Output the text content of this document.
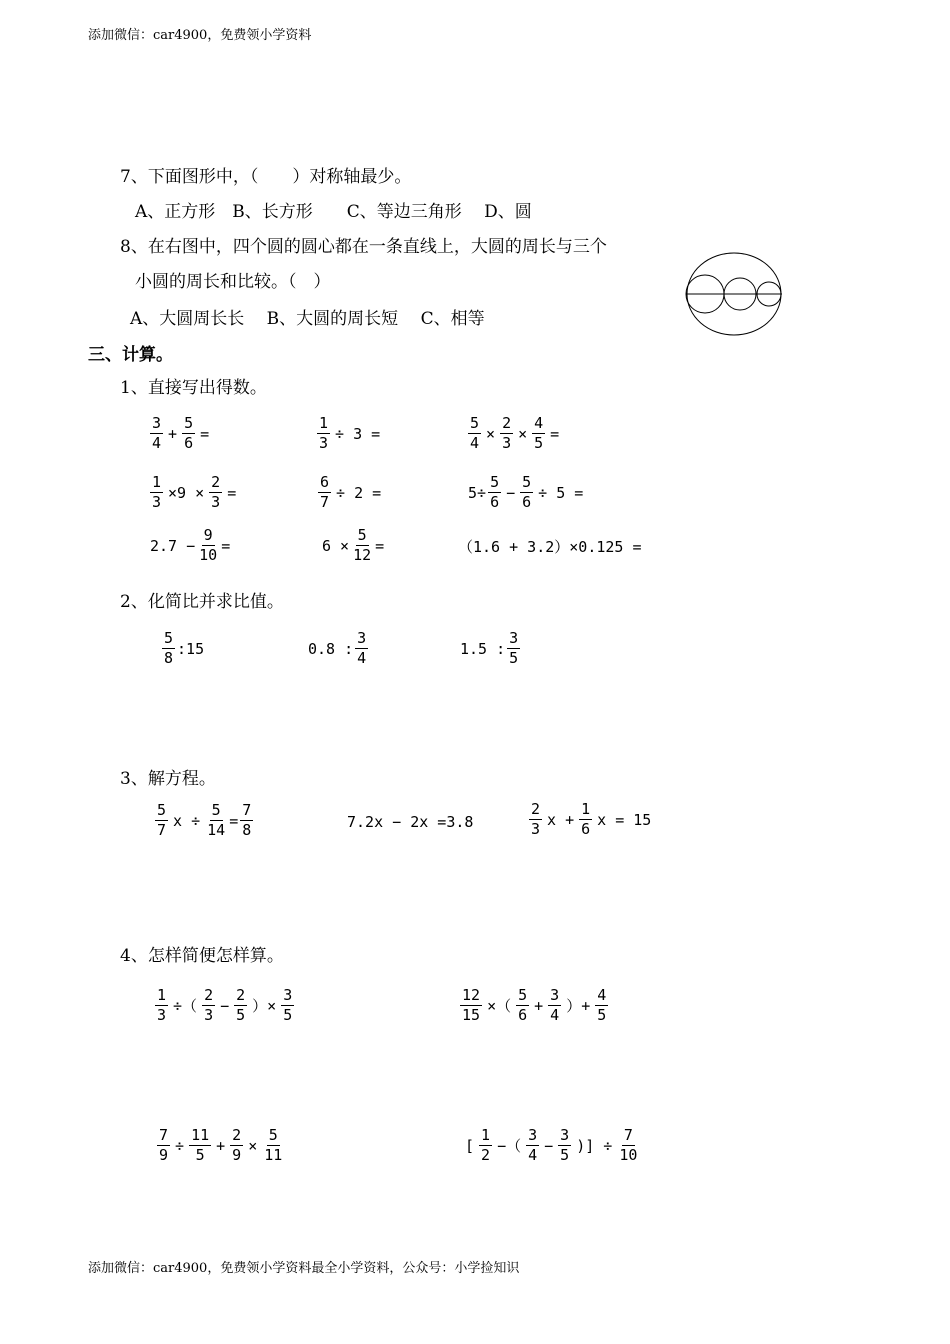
添加微信：car4900，免费领小学资料
7、下面图形中，（　　）对称轴最少。
A、正方形　B、长方形　　C、等边三角形　 D、圆
8、在右图中，四个圆的圆心都在一条直线上，大圆的周长与三个
小圆的周长和比较。（　）
A、大圆周长长　 B、大圆的周长短　 C、相等
三、计算。
1、直接写出得数。
$\frac{3}{4} + \frac{5}{6}$ =	$\frac{1}{3} \div 3$ =	$\frac{5}{4} \times \frac{2}{3} \times \frac{4}{5}$ =
$\frac{1}{3} \times 9 \times \frac{2}{3}$ =	$\frac{6}{7} \div 2$ =	$5\div \frac{5}{6} - \frac{5}{6} \div 5$ =
$2.7 - \frac{9}{10}$ =	$6 \times \frac{5}{12}$ =	（1.6 + 3.2）×0.125 =
2、化简比并求比值。
$\frac{5}{8}$ :15	0.8 : $\frac{3}{4}$	1.5 : $\frac{3}{5}$
3、解方程。
$\frac{5}{7}$ $x \div \frac{5}{14} = \frac{7}{8}$	7.2x − 2x =3.8	$\frac{2}{3}$ $x + \frac{1}{6}$ x = 15
4、怎样简便怎样算。
$\frac{1}{3}$ ÷（ $\frac{2}{3} - \frac{2}{5}$ ）× $\frac{3}{5}$	$\frac{12}{15}$ ×（ $\frac{5}{6} + \frac{3}{4}$ ）+ $\frac{4}{5}$
$\frac{7}{9} \div \frac{11}{5} + \frac{2}{9} \times \frac{5}{11}$	[ $\frac{1}{2}$ −（ $\frac{3}{4} - \frac{3}{5}$ )] ÷ $\frac{7}{10}$
添加微信：car4900，免费领小学资料最全小学资料，公众号：小学捡知识
